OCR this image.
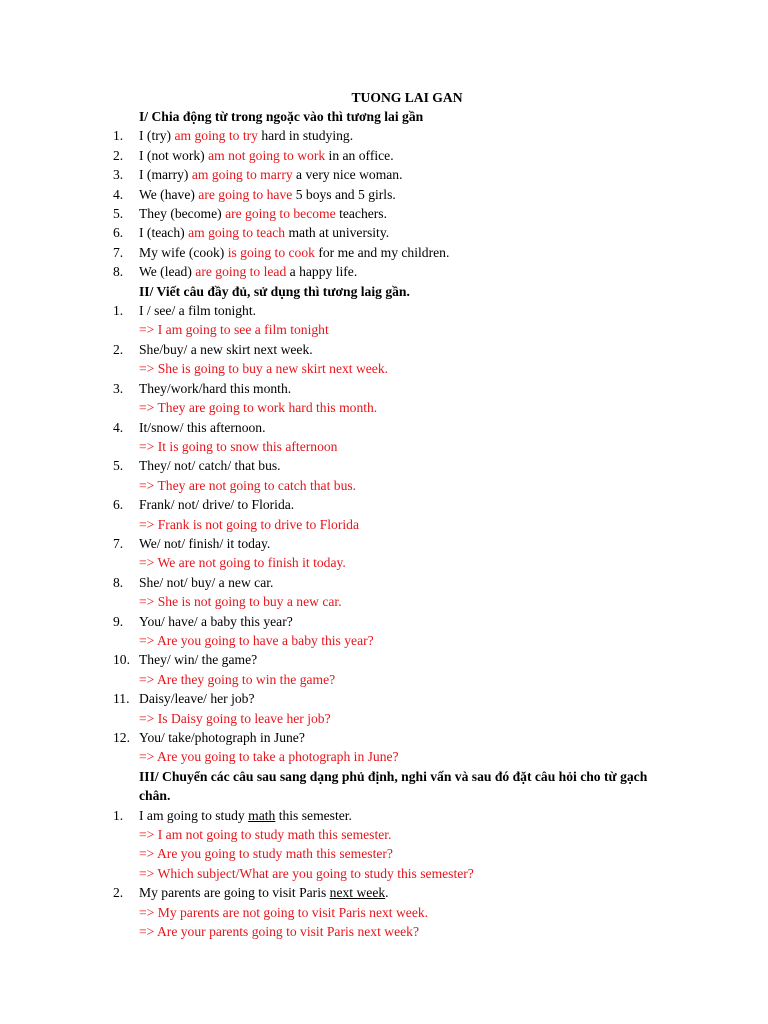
TUONG LAI GAN
I/ Chia động từ trong ngoặc vào thì tương lai gần
1. I (try) am going to try hard in studying.
2. I (not work) am not going to work in an office.
3. I (marry) am going to marry a very nice woman.
4. We (have) are going to have 5 boys and 5 girls.
5. They (become) are going to become teachers.
6. I (teach) am going to teach math at university.
7. My wife (cook) is going to cook for me and my children.
8. We (lead) are going to lead a happy life.
II/ Viết câu đầy đủ, sử dụng thì tương laig gần.
1. I / see/ a film tonight.
=> I am going to see a film tonight
2. She/buy/ a new skirt next week.
=> She is going to buy a new skirt next week.
3. They/work/hard this month.
=> They are going to work hard this month.
4. It/snow/ this afternoon.
=> It is going to snow this afternoon
5. They/ not/ catch/ that bus.
=> They are not going to catch that bus.
6. Frank/ not/ drive/ to Florida.
=> Frank is not going to drive to Florida
7. We/ not/ finish/ it today.
=> We are not going to finish it today.
8. She/ not/ buy/ a new car.
=> She is not going to buy a new car.
9. You/ have/ a baby this year?
=> Are you going to have a baby this year?
10. They/ win/ the game?
=> Are they going to win the game?
11. Daisy/leave/ her job?
=> Is Daisy going to leave her job?
12. You/ take/photograph in June?
=> Are you going to take a photograph in June?
III/ Chuyển các câu sau sang dạng phủ định, nghi vấn và sau đó đặt câu hỏi cho từ gạch chân.
1. I am going to study math this semester.
=> I am not going to study math this semester.
=> Are you going to study math this semester?
=> Which subject/What are you going to study this semester?
2. My parents are going to visit Paris next week.
=> My parents are not going to visit Paris next week.
=> Are your parents going to visit Paris next week?
